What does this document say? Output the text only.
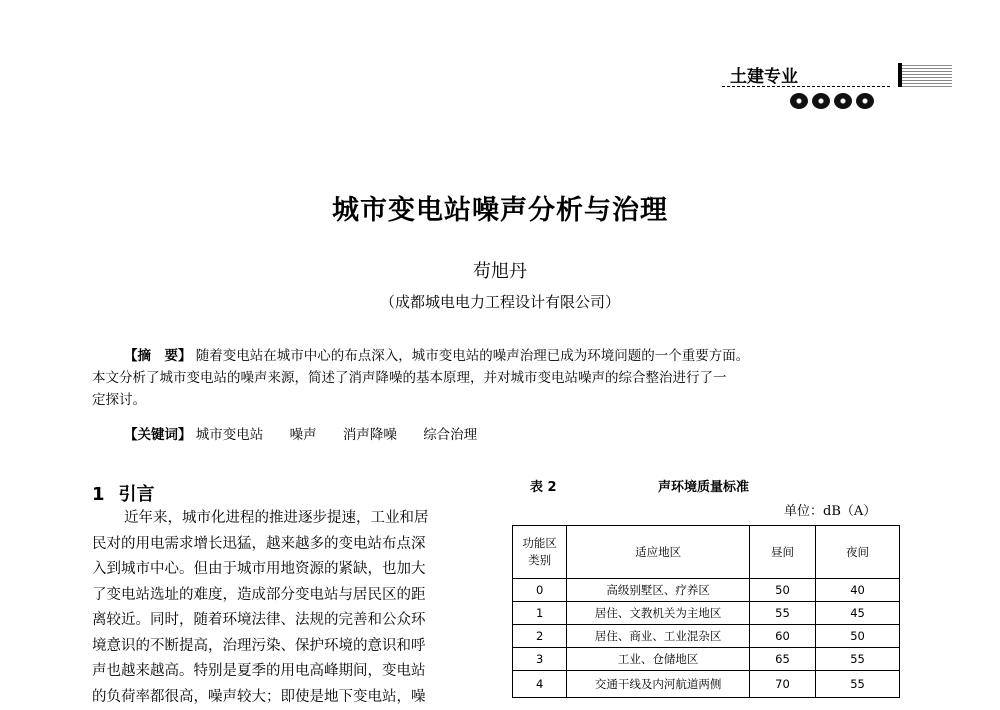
土建专业
城市变电站噪声分析与治理
苟旭丹
（成都城电电力工程设计有限公司）
【摘　要】 随着变电站在城市中心的布点深入，城市变电站的噪声治理已成为环境问题的一个重要方面。
本文分析了城市变电站的噪声来源，简述了消声降噪的基本原理，并对城市变电站噪声的综合整治进行了一
定探讨。
【关键词】 城市变电站 噪声 消声降噪 综合治理
1 引言
近年来，城市化进程的推进逐步提速，工业和居
民对的用电需求增长迅猛，越来越多的变电站布点深
入到城市中心。但由于城市用地资源的紧缺，也加大
了变电站选址的难度，造成部分变电站与居民区的距
离较近。同时，随着环境法律、法规的完善和公众环
境意识的不断提高，治理污染、保护环境的意识和呼
声也越来越高。特别是夏季的用电高峰期间，变电站
的负荷率都很高，噪声较大；即使是地下变电站，噪
表 2	声环境质量标准
单位：dB（A）
功能区
类别	适应地区	昼间	夜间
0	高级别墅区、疗养区	50	40
1	居住、文教机关为主地区	55	45
2	居住、商业、工业混杂区	60	50
3	工业、仓储地区	65	55
4	交通干线及内河航道两侧	70	55
